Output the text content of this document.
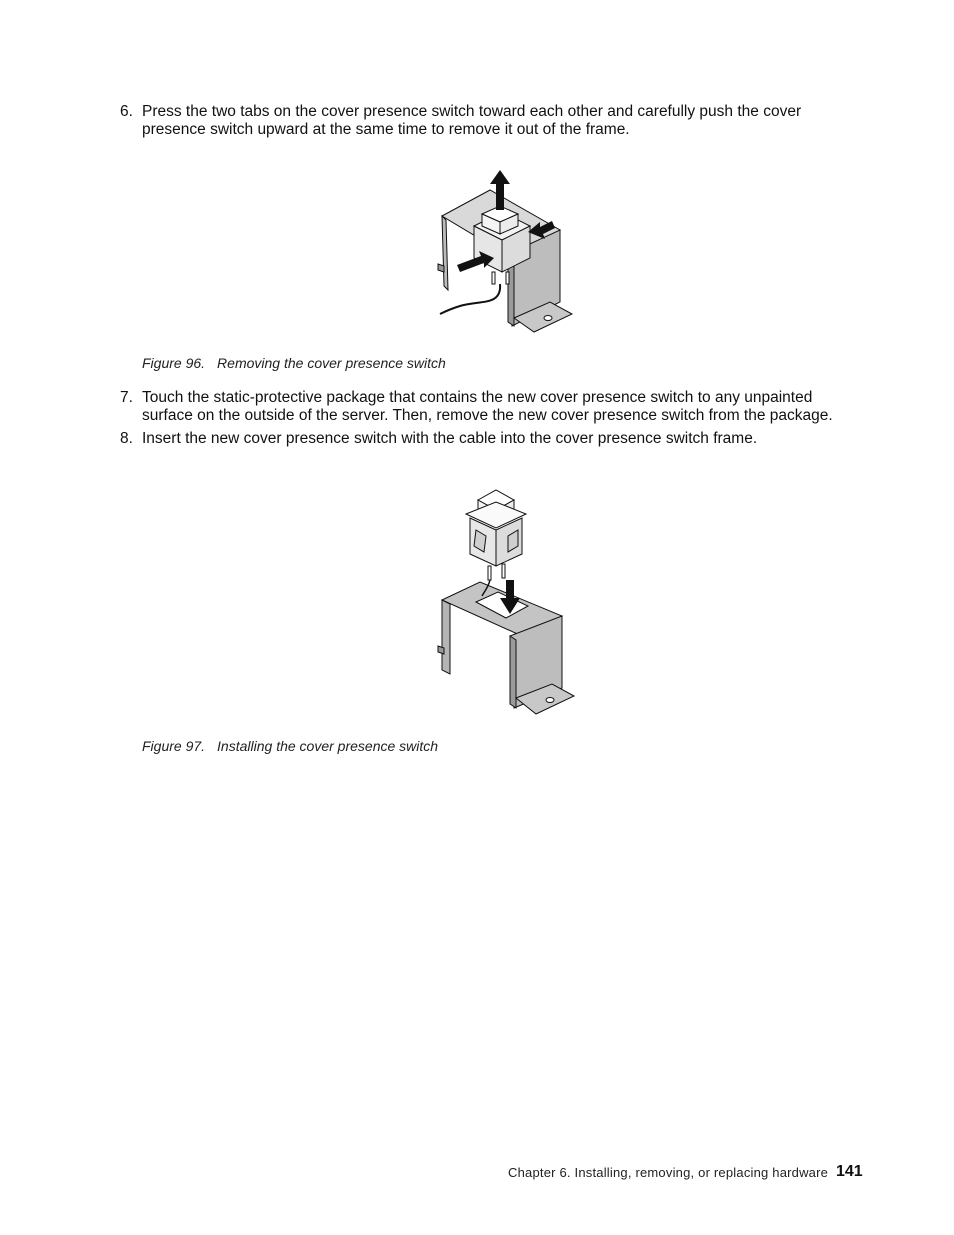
6. Press the two tabs on the cover presence switch toward each other and carefully push the cover presence switch upward at the same time to remove it out of the frame.
Figure 96. Removing the cover presence switch
7. Touch the static-protective package that contains the new cover presence switch to any unpainted surface on the outside of the server. Then, remove the new cover presence switch from the package.
8. Insert the new cover presence switch with the cable into the cover presence switch frame.
Figure 97. Installing the cover presence switch
Chapter 6. Installing, removing, or replacing hardware 141
